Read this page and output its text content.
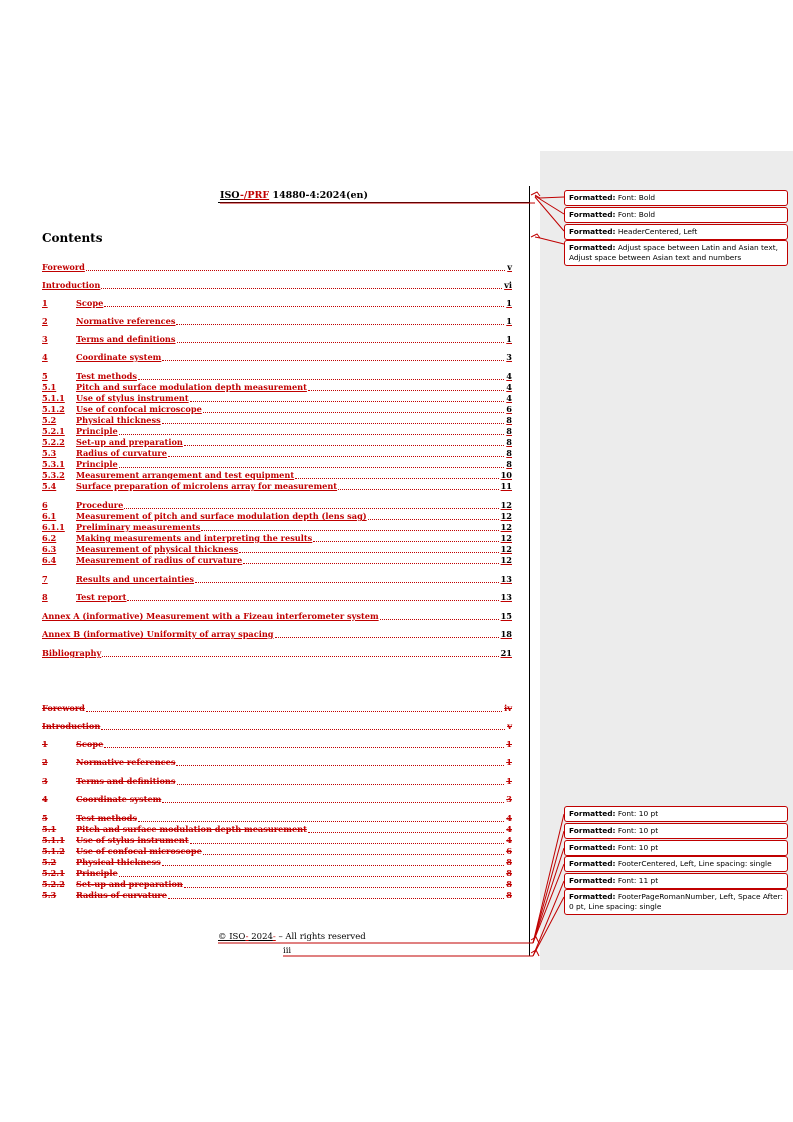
ISO-/PRF 14880-4:2024(en)
Contents
Foreword	v
Introduction	vi
1	Scope	1
2	Normative references	1
3	Terms and definitions	1
4	Coordinate system	3
5	Test methods	4
5.1	Pitch and surface modulation depth measurement	4
5.1.1	Use of stylus instrument	4
5.1.2	Use of confocal microscope	6
5.2	Physical thickness	8
5.2.1	Principle	8
5.2.2	Set-up and preparation	8
5.3	Radius of curvature	8
5.3.1	Principle	8
5.3.2	Measurement arrangement and test equipment	10
5.4	Surface preparation of microlens array for measurement	11
6	Procedure	12
6.1	Measurement of pitch and surface modulation depth (lens sag)	12
6.1.1	Preliminary measurements	12
6.2	Making measurements and interpreting the results	12
6.3	Measurement of physical thickness	12
6.4	Measurement of radius of curvature	12
7	Results and uncertainties	13
8	Test report	13
Annex A (informative) Measurement with a Fizeau interferometer system	15
Annex B (informative) Uniformity of array spacing	18
Bibliography	21
Foreword	iv
Introduction	v
1	Scope	1
2	Normative references	1
3	Terms and definitions	1
4	Coordinate system	3
5	Test methods	4
5.1	Pitch and surface modulation depth measurement	4
5.1.1	Use of stylus instrument	4
5.1.2	Use of confocal microscope	6
5.2	Physical thickness	8
5.2.1	Principle	8
5.2.2	Set-up and preparation	8
5.3	Radius of curvature	8
© ISO- 2024- – All rights reserved
iii
Formatted: Font: Bold
Formatted: Font: Bold
Formatted: HeaderCentered, Left
Formatted: Adjust space between Latin and Asian text, Adjust space between Asian text and numbers
Formatted: Font: 10 pt
Formatted: Font: 10 pt
Formatted: Font: 10 pt
Formatted: FooterCentered, Left, Line spacing: single
Formatted: Font: 11 pt
Formatted: FooterPageRomanNumber, Left, Space After: 0 pt, Line spacing: single
